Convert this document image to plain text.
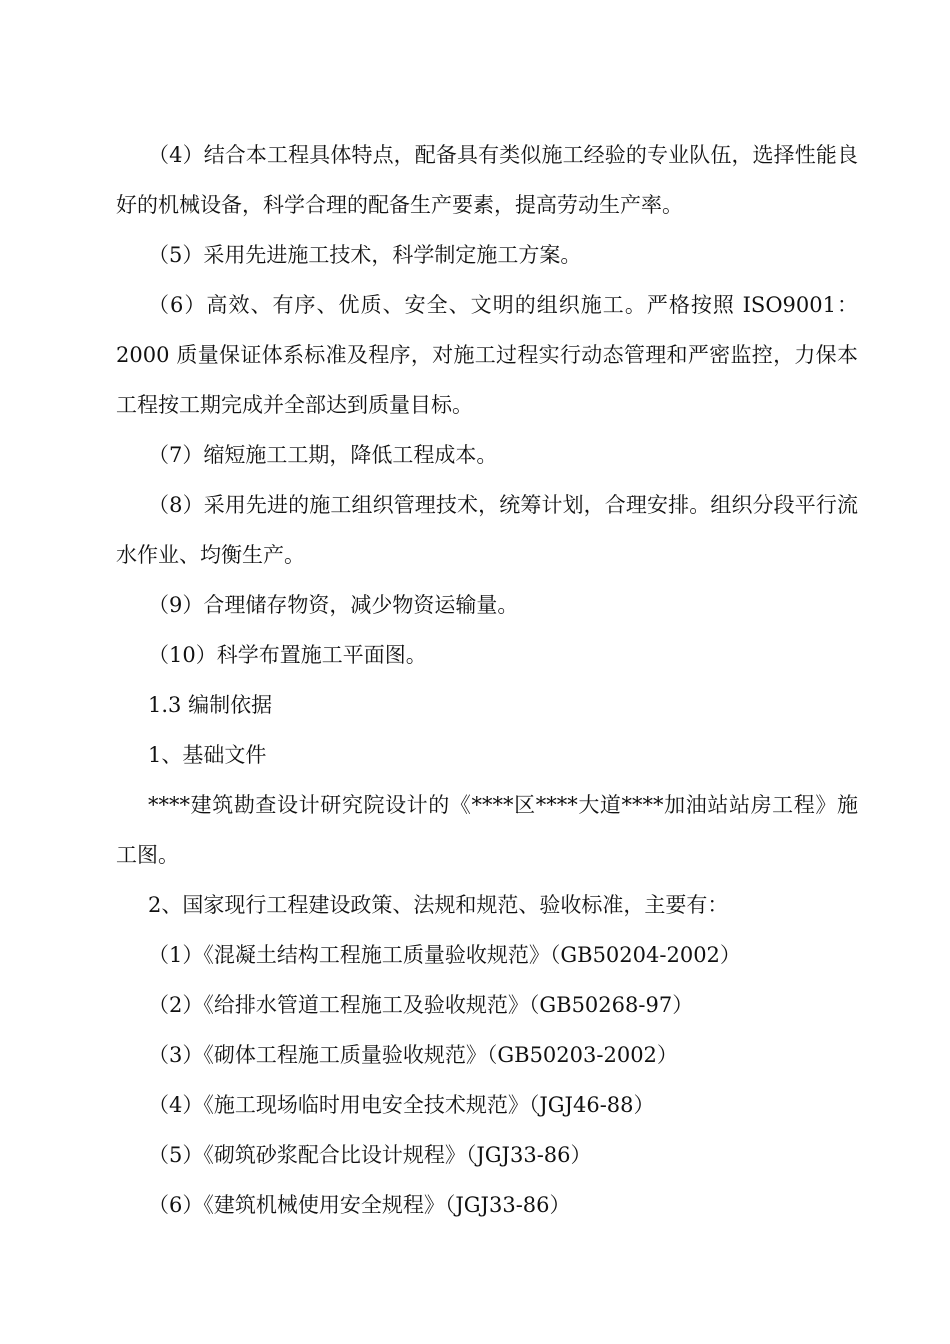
（4）结合本工程具体特点，配备具有类似施工经验的专业队伍，选择性能良好的机械设备，科学合理的配备生产要素，提高劳动生产率。

（5）采用先进施工技术，科学制定施工方案。

（6）高效、有序、优质、安全、文明的组织施工。严格按照 ISO9001：2000 质量保证体系标准及程序，对施工过程实行动态管理和严密监控，力保本工程按工期完成并全部达到质量目标。

（7）缩短施工工期，降低工程成本。

（8）采用先进的施工组织管理技术，统筹计划，合理安排。组织分段平行流水作业、均衡生产。

（9）合理储存物资，减少物资运输量。

（10）科学布置施工平面图。

1.3 编制依据

1、基础文件

****建筑勘查设计研究院设计的《****区****大道****加油站站房工程》施工图。

2、国家现行工程建设政策、法规和规范、验收标准，主要有：

（1）《混凝土结构工程施工质量验收规范》（GB50204-2002）

（2）《给排水管道工程施工及验收规范》（GB50268-97）

（3）《砌体工程施工质量验收规范》（GB50203-2002）

（4）《施工现场临时用电安全技术规范》（JGJ46-88）

（5）《砌筑砂浆配合比设计规程》（JGJ33-86）

（6）《建筑机械使用安全规程》（JGJ33-86）
